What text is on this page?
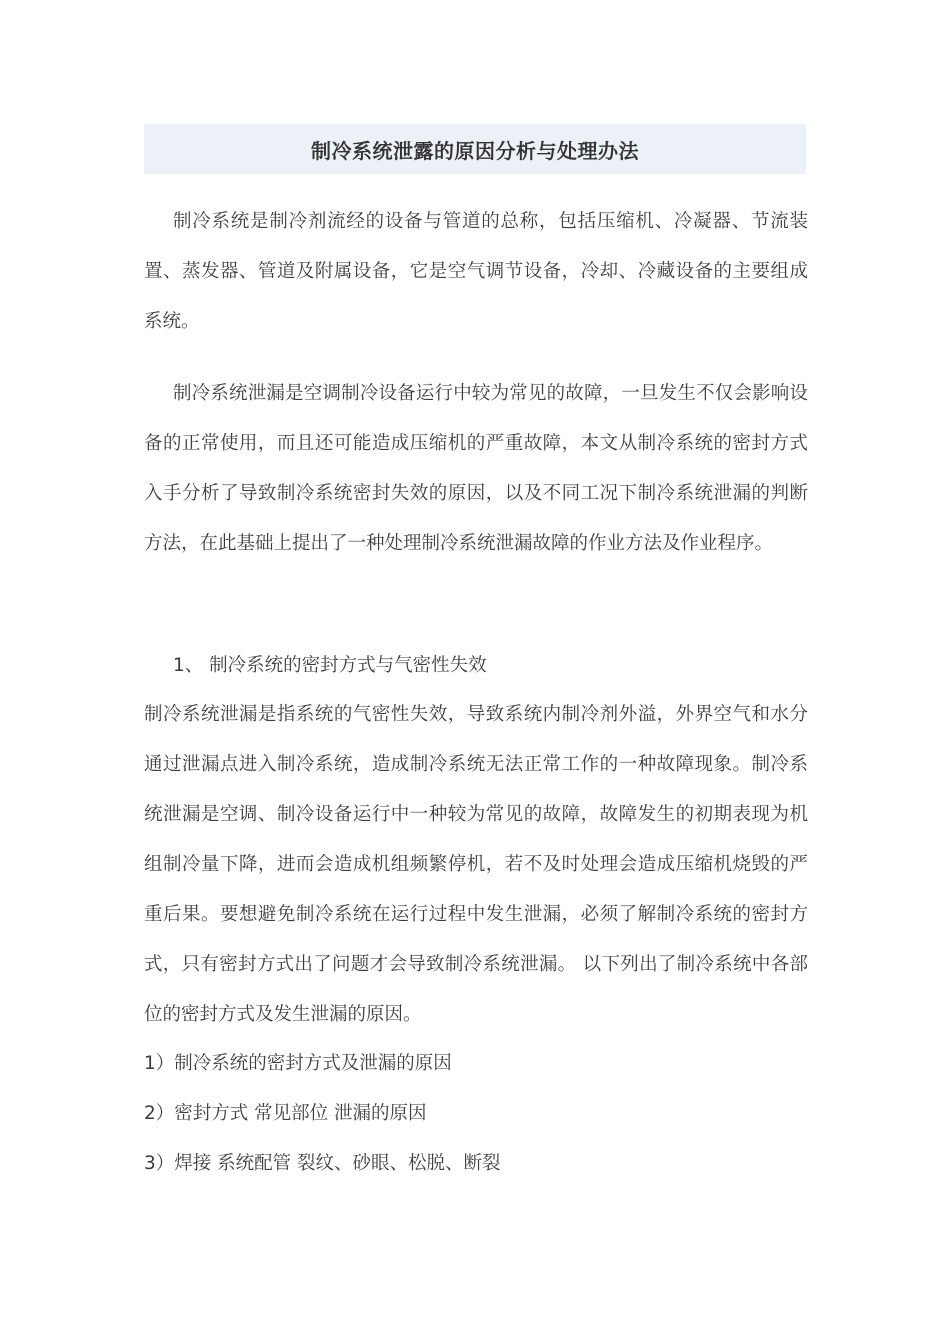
制冷系统泄露的原因分析与处理办法

制冷系统是制冷剂流经的设备与管道的总称，包括压缩机、冷凝器、节流装置、蒸发器、管道及附属设备，它是空气调节设备，冷却、冷藏设备的主要组成系统。

制冷系统泄漏是空调制冷设备运行中较为常见的故障，一旦发生不仅会影响设备的正常使用，而且还可能造成压缩机的严重故障，本文从制冷系统的密封方式入手分析了导致制冷系统密封失效的原因，以及不同工况下制冷系统泄漏的判断方法，在此基础上提出了一种处理制冷系统泄漏故障的作业方法及作业程序。

1、 制冷系统的密封方式与气密性失效

制冷系统泄漏是指系统的气密性失效，导致系统内制冷剂外溢，外界空气和水分通过泄漏点进入制冷系统，造成制冷系统无法正常工作的一种故障现象。制冷系统泄漏是空调、制冷设备运行中一种较为常见的故障，故障发生的初期表现为机组制冷量下降，进而会造成机组频繁停机，若不及时处理会造成压缩机烧毁的严重后果。要想避免制冷系统在运行过程中发生泄漏，必须了解制冷系统的密封方式，只有密封方式出了问题才会导致制冷系统泄漏。 以下列出了制冷系统中各部位的密封方式及发生泄漏的原因。

1）制冷系统的密封方式及泄漏的原因

2）密封方式 常见部位 泄漏的原因

3）焊接 系统配管 裂纹、砂眼、松脱、断裂
